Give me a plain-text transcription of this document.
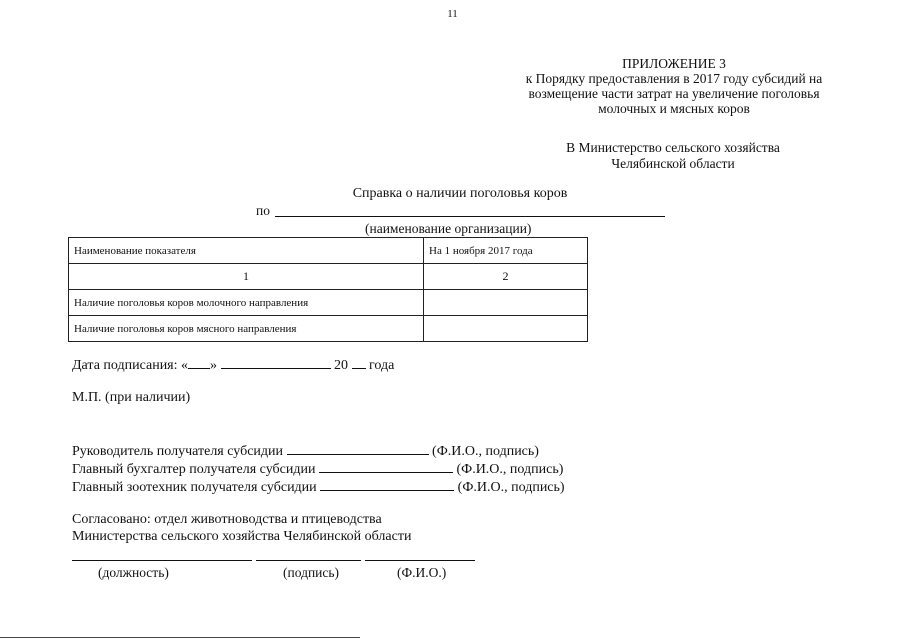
11
ПРИЛОЖЕНИЕ 3
к Порядку предоставления в 2017 году субсидий на
возмещение части затрат на увеличение поголовья
молочных и мясных коров
В Министерство сельского хозяйства
Челябинской области
Справка о наличии поголовья коров
по
(наименование организации)
Наименование показателя	На 1 ноября 2017 года
1	2
Наличие поголовья коров молочного направления	
Наличие поголовья коров мясного направления	
Дата подписания: « »	20 года
М.П. (при наличии)
Руководитель получателя субсидии	(Ф.И.О., подпись)
Главный бухгалтер получателя субсидии	(Ф.И.О., подпись)
Главный зоотехник получателя субсидии	(Ф.И.О., подпись)
Согласовано: отдел животноводства и птицеводства
Министерства сельского хозяйства Челябинской области
(должность)	(подпись)	(Ф.И.О.)
